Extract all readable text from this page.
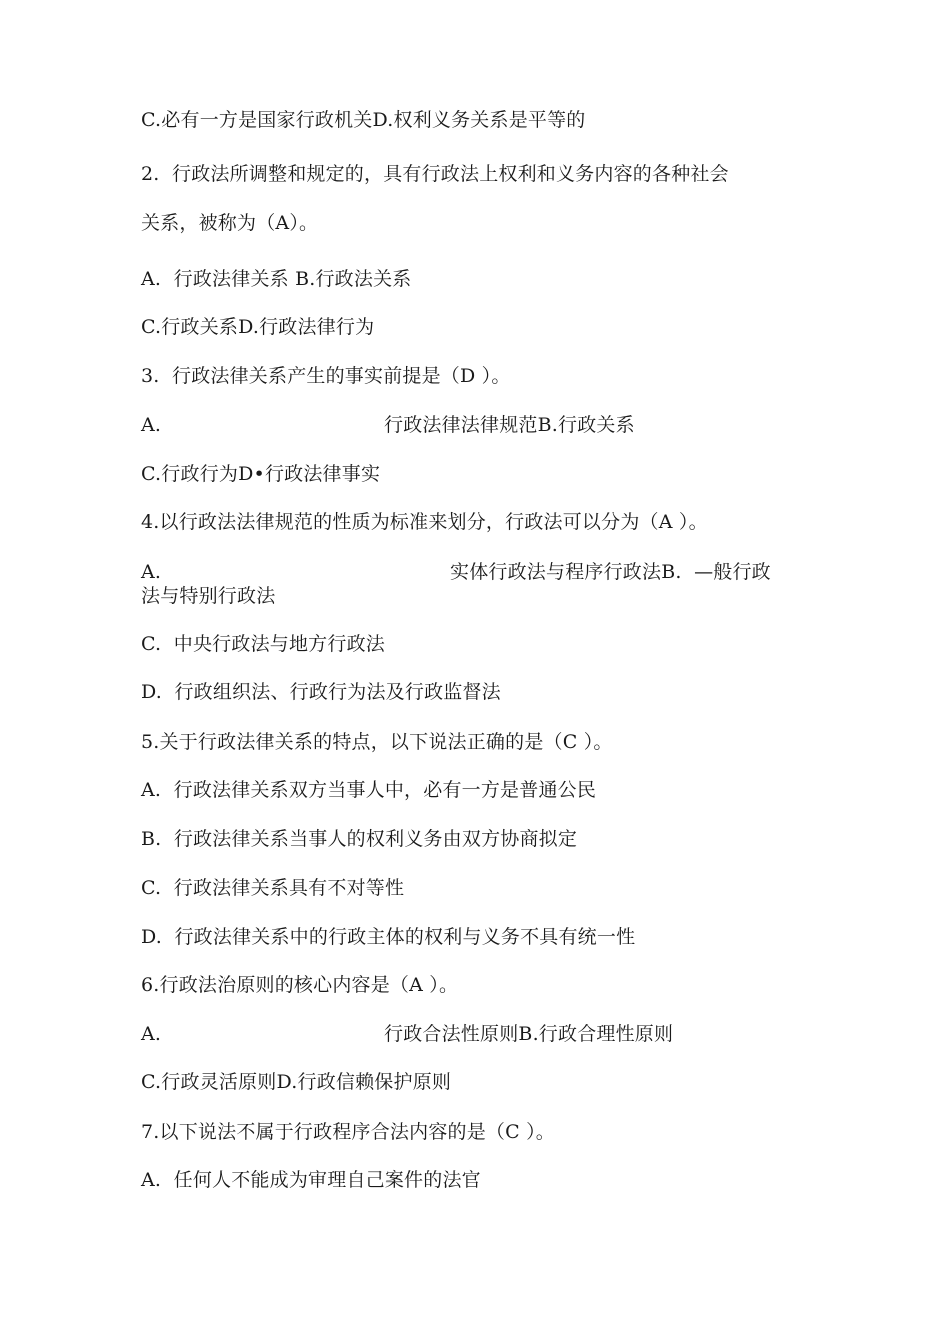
C.必有一方是国家行政机关D.权利义务关系是平等的
2.  行政法所调整和规定的，具有行政法上权利和义务内容的各种社会
关系，被称为（A）。
A.  行政法律关系 B.行政法关系
C.行政关系D.行政法律行为
3.  行政法律关系产生的事实前提是（D ）。
A.	行政法律法律规范B.行政关系
C.行政行为D•行政法律事实
4.以行政法法律规范的性质为标准来划分，行政法可以分为（A ）。
A.	实体行政法与程序行政法B.  —般行政
法与特别行政法
C.  中央行政法与地方行政法
D.  行政组织法、行政行为法及行政监督法
5.关于行政法律关系的特点，以下说法正确的是（C ）。
A.  行政法律关系双方当事人中，必有一方是普通公民
B.  行政法律关系当事人的权利义务由双方协商拟定
C.  行政法律关系具有不对等性
D.  行政法律关系中的行政主体的权利与义务不具有统一性
6.行政法治原则的核心内容是（A ）。
A.	行政合法性原则B.行政合理性原则
C.行政灵活原则D.行政信赖保护原则
7.以下说法不属于行政程序合法内容的是（C ）。
A.  任何人不能成为审理自己案件的法官
